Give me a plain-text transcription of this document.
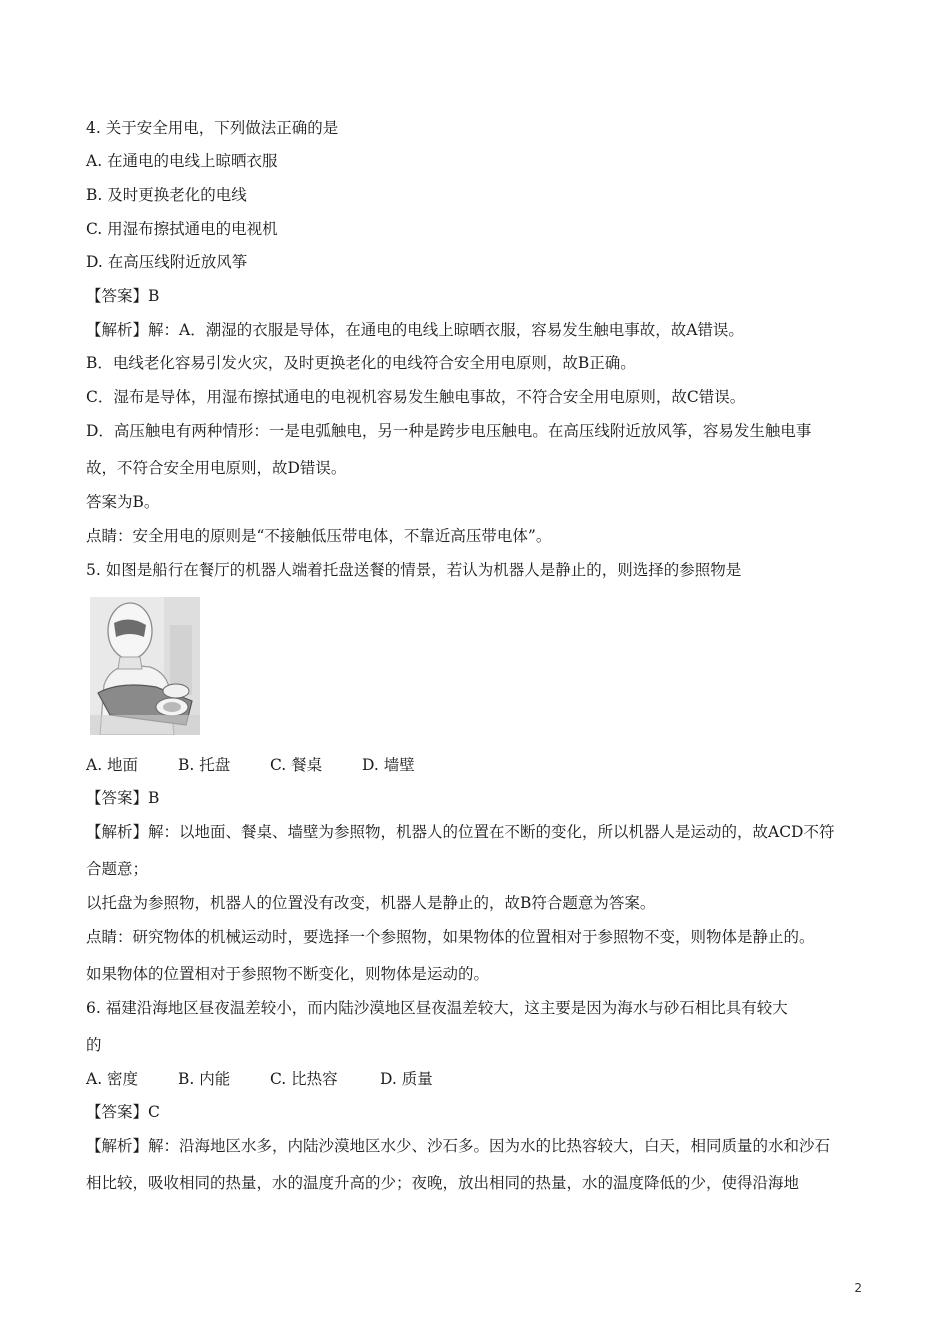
4. 关于安全用电，下列做法正确的是
A. 在通电的电线上晾晒衣服
B. 及时更换老化的电线
C. 用湿布擦拭通电的电视机
D. 在高压线附近放风筝
【答案】B
【解析】解：A．潮湿的衣服是导体，在通电的电线上晾晒衣服，容易发生触电事故，故A错误。
B．电线老化容易引发火灾，及时更换老化的电线符合安全用电原则，故B正确。
C．湿布是导体，用湿布擦拭通电的电视机容易发生触电事故，不符合安全用电原则，故C错误。
D．高压触电有两种情形：一是电弧触电，另一种是跨步电压触电。在高压线附近放风筝，容易发生触电事
故，不符合安全用电原则，故D错误。
答案为B。
点睛：安全用电的原则是“不接触低压带电体，不靠近高压带电体”。
5. 如图是船行在餐厅的机器人端着托盘送餐的情景，若认为机器人是静止的，则选择的参照物是
A. 地面	B. 托盘	C. 餐桌	D. 墙壁
【答案】B
【解析】解：以地面、餐桌、墙壁为参照物，机器人的位置在不断的变化，所以机器人是运动的，故ACD不符
合题意；
以托盘为参照物，机器人的位置没有改变，机器人是静止的，故B符合题意为答案。
点睛：研究物体的机械运动时，要选择一个参照物，如果物体的位置相对于参照物不变，则物体是静止的。
如果物体的位置相对于参照物不断变化，则物体是运动的。
6. 福建沿海地区昼夜温差较小，而内陆沙漠地区昼夜温差较大，这主要是因为海水与砂石相比具有较大
的
A. 密度	B. 内能	C. 比热容	D. 质量
【答案】C
【解析】解：沿海地区水多，内陆沙漠地区水少、沙石多。因为水的比热容较大，白天，相同质量的水和沙石
相比较，吸收相同的热量，水的温度升高的少；夜晚，放出相同的热量，水的温度降低的少，使得沿海地
2
